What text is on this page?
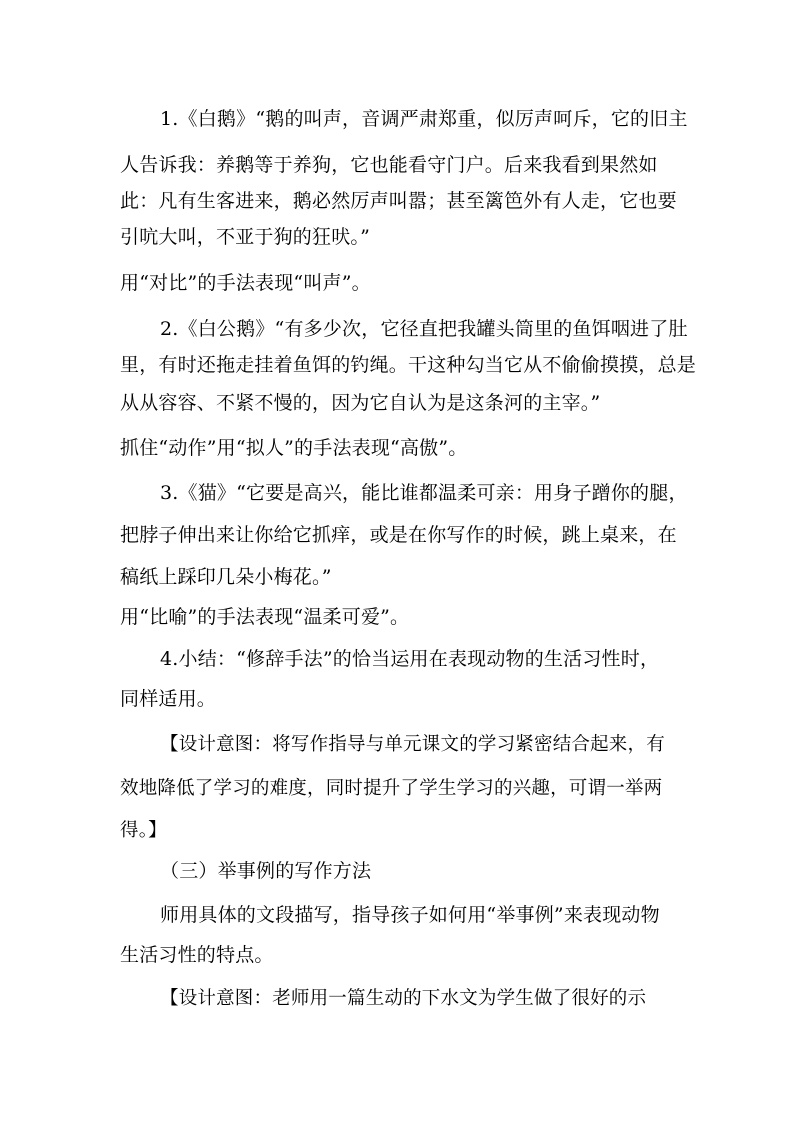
1.《白鹅》“鹅的叫声，音调严肃郑重，似厉声呵斥，它的旧主
人告诉我：养鹅等于养狗，它也能看守门户。后来我看到果然如
此：凡有生客进来，鹅必然厉声叫嚣；甚至篱笆外有人走，它也要
引吭大叫，不亚于狗的狂吠。”
用“对比”的手法表现“叫声”。
2.《白公鹅》“有多少次，它径直把我罐头筒里的鱼饵咽进了肚
里，有时还拖走挂着鱼饵的钓绳。干这种勾当它从不偷偷摸摸，总是
从从容容、不紧不慢的，因为它自认为是这条河的主宰。”
抓住“动作”用“拟人”的手法表现“高傲”。
3.《猫》“它要是高兴，能比谁都温柔可亲：用身子蹭你的腿，
把脖子伸出来让你给它抓痒，或是在你写作的时候，跳上桌来，在
稿纸上踩印几朵小梅花。”
用“比喻”的手法表现“温柔可爱”。
4.小结：“修辞手法”的恰当运用在表现动物的生活习性时，
同样适用。
【设计意图：将写作指导与单元课文的学习紧密结合起来，有
效地降低了学习的难度，同时提升了学生学习的兴趣，可谓一举两
得。】
（三）举事例的写作方法
师用具体的文段描写，指导孩子如何用“举事例”来表现动物
生活习性的特点。
【设计意图：老师用一篇生动的下水文为学生做了很好的示
